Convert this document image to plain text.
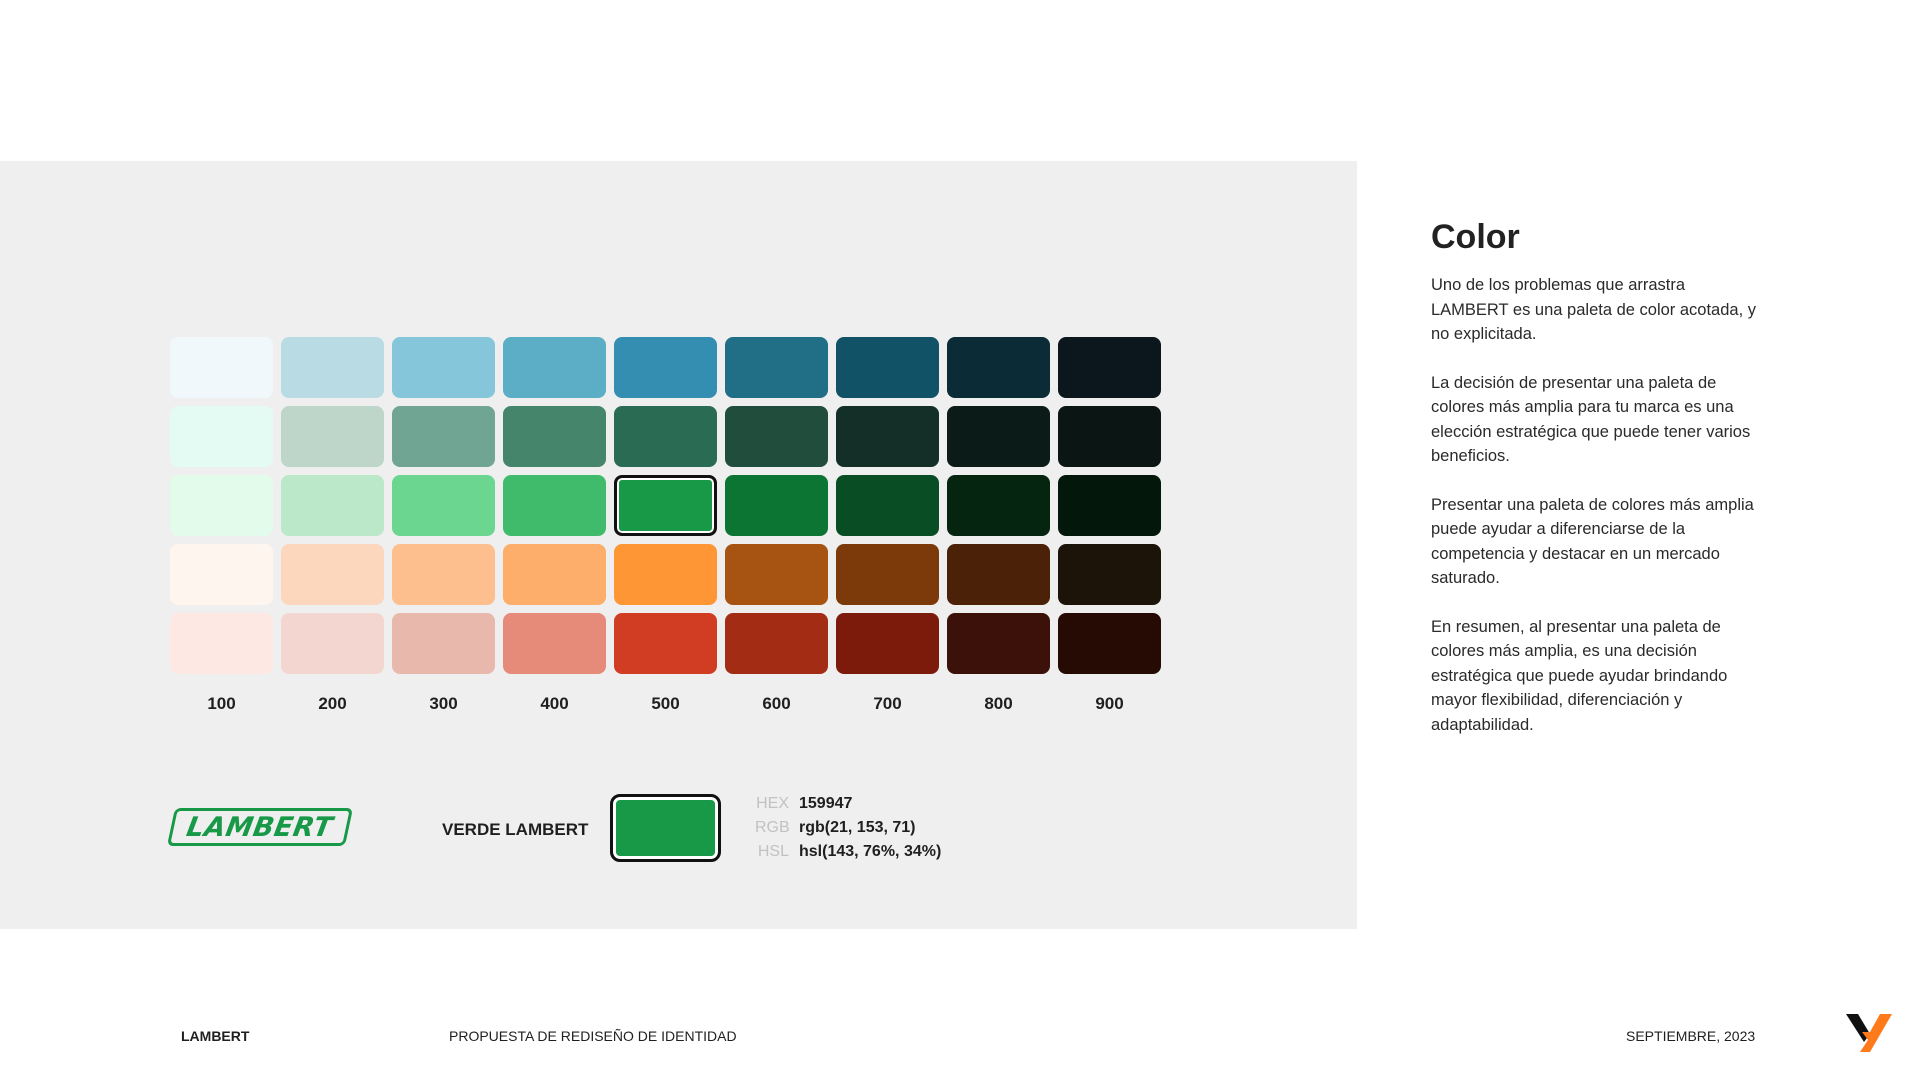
100	200	300	400	500	600	700	800	900
LAMBERT	VERDE LAMBERT
HEX 159947
RGB rgb(21, 153, 71)
HSL hsl(143, 76%, 34%)
Color

Uno de los problemas que arrastra LAMBERT es una paleta de color acotada, y no explicitada.

La decisión de presentar una paleta de colores más amplia para tu marca es una elección estratégica que puede tener varios beneficios.

Presentar una paleta de colores más amplia puede ayudar a diferenciarse de la competencia y destacar en un mercado saturado.

En resumen, al presentar una paleta de colores más amplia, es una decisión estratégica que puede ayudar brindando mayor flexibilidad, diferenciación y adaptabilidad.

LAMBERT	PROPUESTA DE REDISEÑO DE IDENTIDAD	SEPTIEMBRE, 2023
